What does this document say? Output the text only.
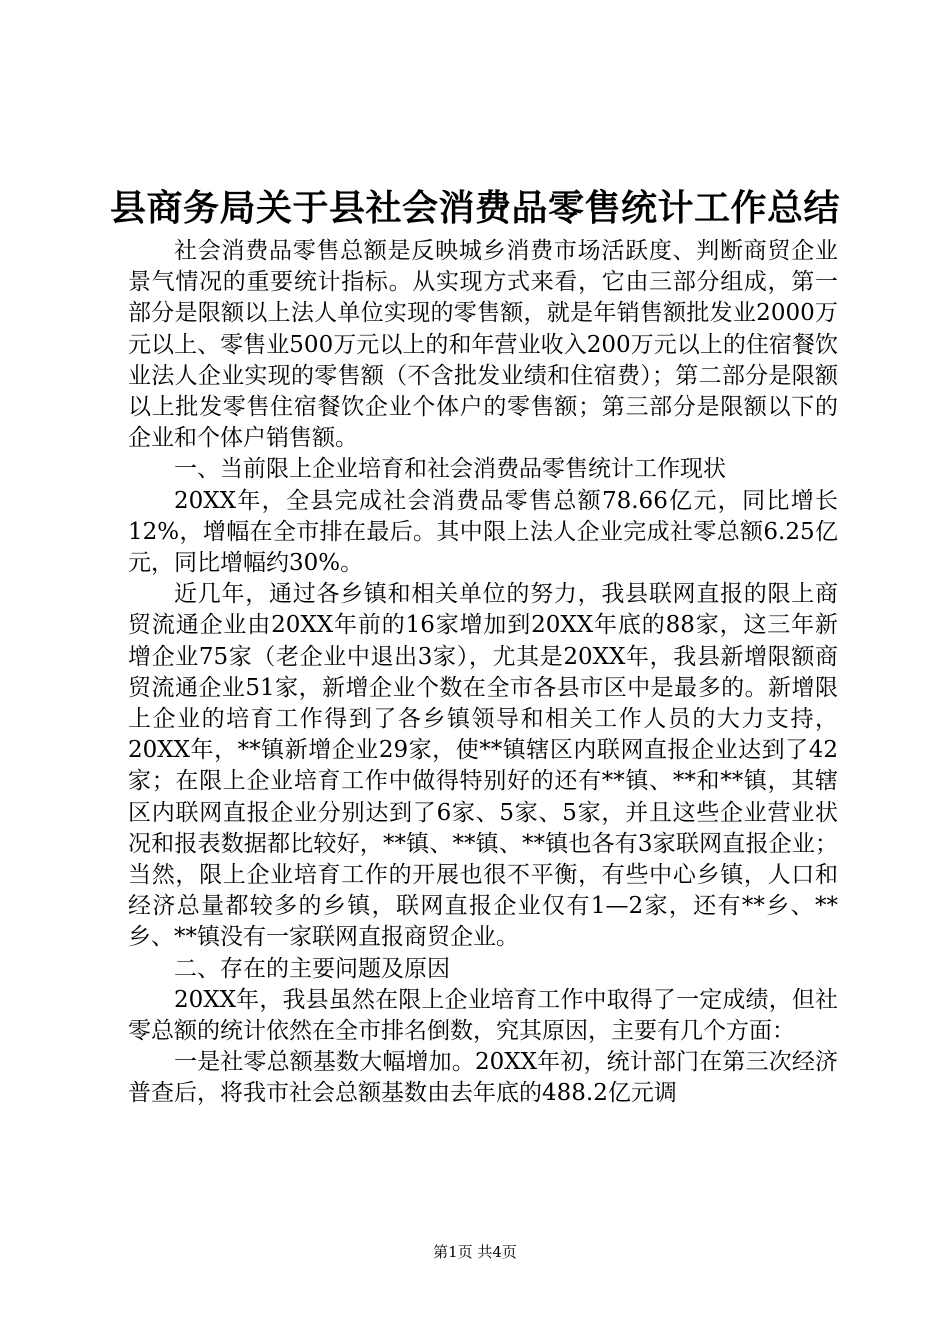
县商务局关于县社会消费品零售统计工作总结

社会消费品零售总额是反映城乡消费市场活跃度、判断商贸企业景气情况的重要统计指标。从实现方式来看，它由三部分组成，第一部分是限额以上法人单位实现的零售额，就是年销售额批发业2000万元以上、零售业500万元以上的和年营业收入200万元以上的住宿餐饮业法人企业实现的零售额（不含批发业绩和住宿费）；第二部分是限额以上批发零售住宿餐饮企业个体户的零售额；第三部分是限额以下的企业和个体户销售额。

一、当前限上企业培育和社会消费品零售统计工作现状

20XX年，全县完成社会消费品零售总额78.66亿元，同比增长12%，增幅在全市排在最后。其中限上法人企业完成社零总额6.25亿元，同比增幅约30%。

近几年，通过各乡镇和相关单位的努力，我县联网直报的限上商贸流通企业由20XX年前的16家增加到20XX年底的88家，这三年新增企业75家（老企业中退出3家），尤其是20XX年，我县新增限额商贸流通企业51家，新增企业个数在全市各县市区中是最多的。新增限上企业的培育工作得到了各乡镇领导和相关工作人员的大力支持，20XX年，**镇新增企业29家，使**镇辖区内联网直报企业达到了42家；在限上企业培育工作中做得特别好的还有**镇、**和**镇，其辖区内联网直报企业分别达到了6家、5家、5家，并且这些企业营业状况和报表数据都比较好，**镇、**镇、**镇也各有3家联网直报企业；当然，限上企业培育工作的开展也很不平衡，有些中心乡镇，人口和经济总量都较多的乡镇，联网直报企业仅有1—2家，还有**乡、**乡、**镇没有一家联网直报商贸企业。

二、存在的主要问题及原因

20XX年，我县虽然在限上企业培育工作中取得了一定成绩，但社零总额的统计依然在全市排名倒数，究其原因，主要有几个方面：

一是社零总额基数大幅增加。20XX年初，统计部门在第三次经济普查后，将我市社会总额基数由去年底的488.2亿元调

第1页 共4页
